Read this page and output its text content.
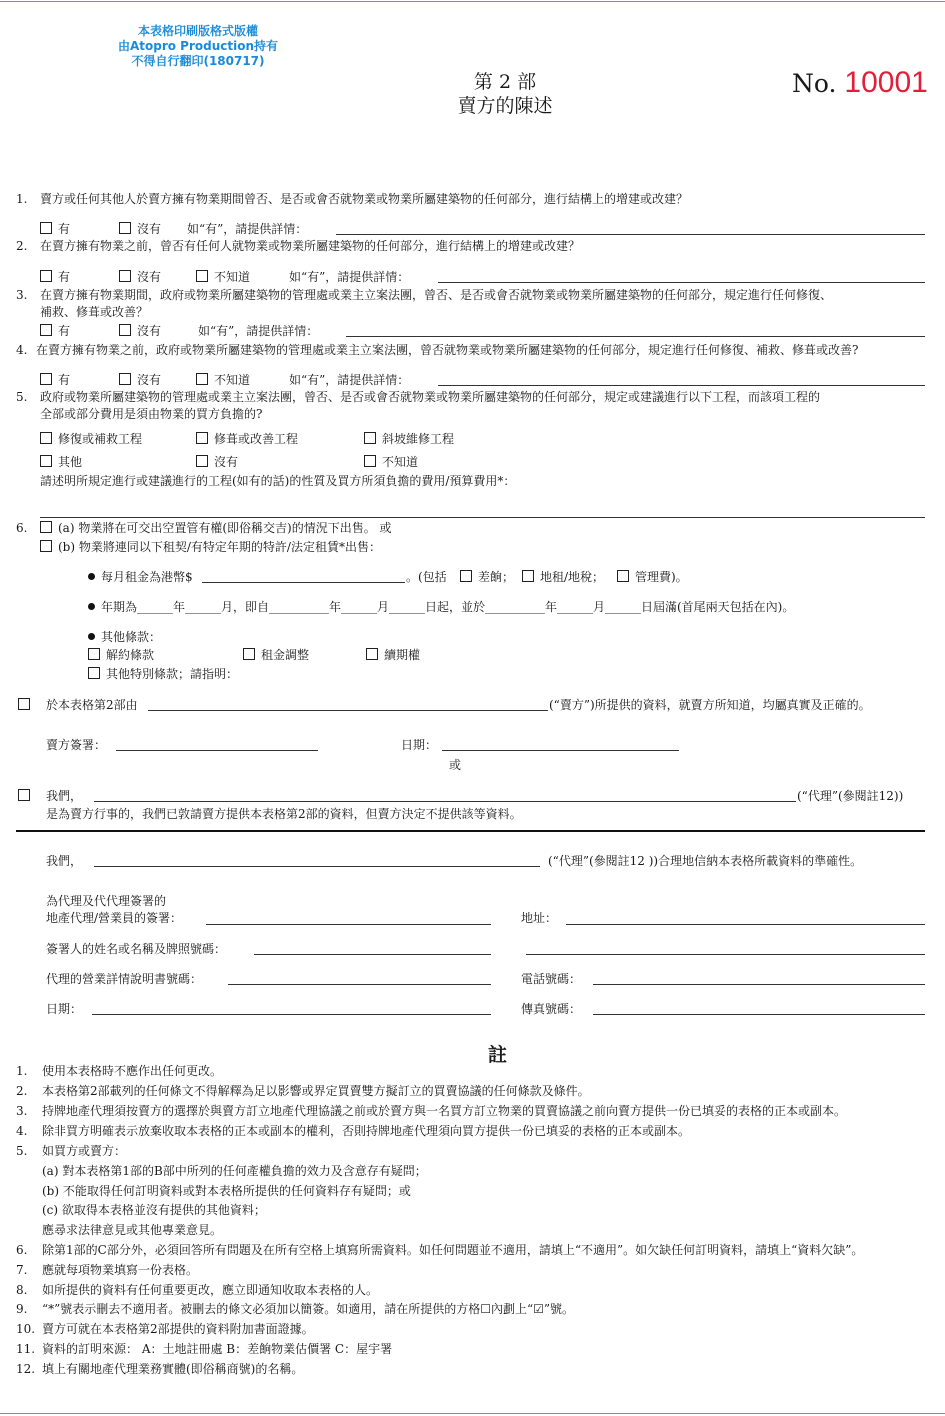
本表格印刷版格式版權
由Atopro Production持有
不得自行翻印(180717)
第 2 部
賣方的陳述
No. 10001
1. 賣方或任何其他人於賣方擁有物業期間曾否、是否或會否就物業或物業所屬建築物的任何部分，進行結構上的增建或改建？
有	沒有 如“有”，請提供詳情：
2. 在賣方擁有物業之前，曾否有任何人就物業或物業所屬建築物的任何部分，進行結構上的增建或改建？
有	沒有	不知道	如“有”，請提供詳情：
3. 在賣方擁有物業期間，政府或物業所屬建築物的管理處或業主立案法團，曾否、是否或會否就物業或物業所屬建築物的任何部分，規定進行任何修復、
補救、修葺或改善？
有	沒有	如“有”，請提供詳情：
4. 在賣方擁有物業之前，政府或物業所屬建築物的管理處或業主立案法團，曾否就物業或物業所屬建築物的任何部分，規定進行任何修復、補救、修葺或改善?
有	沒有	不知道	如“有”，請提供詳情：
5. 政府或物業所屬建築物的管理處或業主立案法團，曾否、是否或會否就物業或物業所屬建築物的任何部分，規定或建議進行以下工程，而該項工程的
全部或部分費用是須由物業的買方負擔的?
修復或補救工程	修葺或改善工程	斜坡維修工程
其他	沒有	不知道
請述明所規定進行或建議進行的工程(如有的話)的性質及買方所須負擔的費用/預算費用*：
6.	(a) 物業將在可交出空置管有權(即俗稱交吉)的情況下出售。 或
(b) 物業將連同以下租契/有特定年期的特許/法定租賃*出售：
每月租金為港幣$	。(包括	差餉；	地租/地稅；	管理費)。
年期為______年______月，即自__________年______月______日起，並於__________年______月______日屆滿(首尾兩天包括在內)。
其他條款：
解約條款	租金調整	續期權
其他特別條款；請指明：
於本表格第2部由	(“賣方”)所提供的資料，就賣方所知道，均屬真實及正確的。
賣方簽署：	日期：
或
我們，	(“代理”(參閱註12))
是為賣方行事的，我們已敦請賣方提供本表格第2部的資料，但賣方決定不提供該等資料。
我們，	(“代理”(參閱註12 ))合理地信納本表格所載資料的準確性。
為代理及代代理簽署的
地產代理/營業員的簽署：	地址：
簽署人的姓名或名稱及牌照號碼：
代理的營業詳情說明書號碼：	電話號碼：
日期：	傳真號碼：
註
1. 使用本表格時不應作出任何更改。
2. 本表格第2部載列的任何條文不得解釋為足以影響或界定買賣雙方擬訂立的買賣協議的任何條款及條件。
3. 持牌地產代理須按賣方的選擇於與賣方訂立地產代理協議之前或於賣方與一名買方訂立物業的買賣協議之前向賣方提供一份已填妥的表格的正本或副本。
4. 除非買方明確表示放棄收取本表格的正本或副本的權利，否則持牌地產代理須向買方提供一份已填妥的表格的正本或副本。
5. 如買方或賣方：
(a) 對本表格第1部的B部中所列的任何產權負擔的效力及含意存有疑問；
(b) 不能取得任何訂明資料或對本表格所提供的任何資料存有疑問；或
(c) 欲取得本表格並沒有提供的其他資料；
應尋求法律意見或其他專業意見。
6. 除第1部的C部分外，必須回答所有問題及在所有空格上填寫所需資料。如任何問題並不適用，請填上“不適用”。如欠缺任何訂明資料，請填上“資料欠缺”。
7. 應就每項物業填寫一份表格。
8. 如所提供的資料有任何重要更改，應立即通知收取本表格的人。
9. “*”號表示刪去不適用者。被刪去的條文必須加以簡簽。如適用，請在所提供的方格☐內劃上“☑”號。
10. 賣方可就在本表格第2部提供的資料附加書面證據。
11. 資料的訂明來源： A：土地註冊處 B：差餉物業估價署 C：屋宇署
12. 填上有關地產代理業務實體(即俗稱商號)的名稱。
